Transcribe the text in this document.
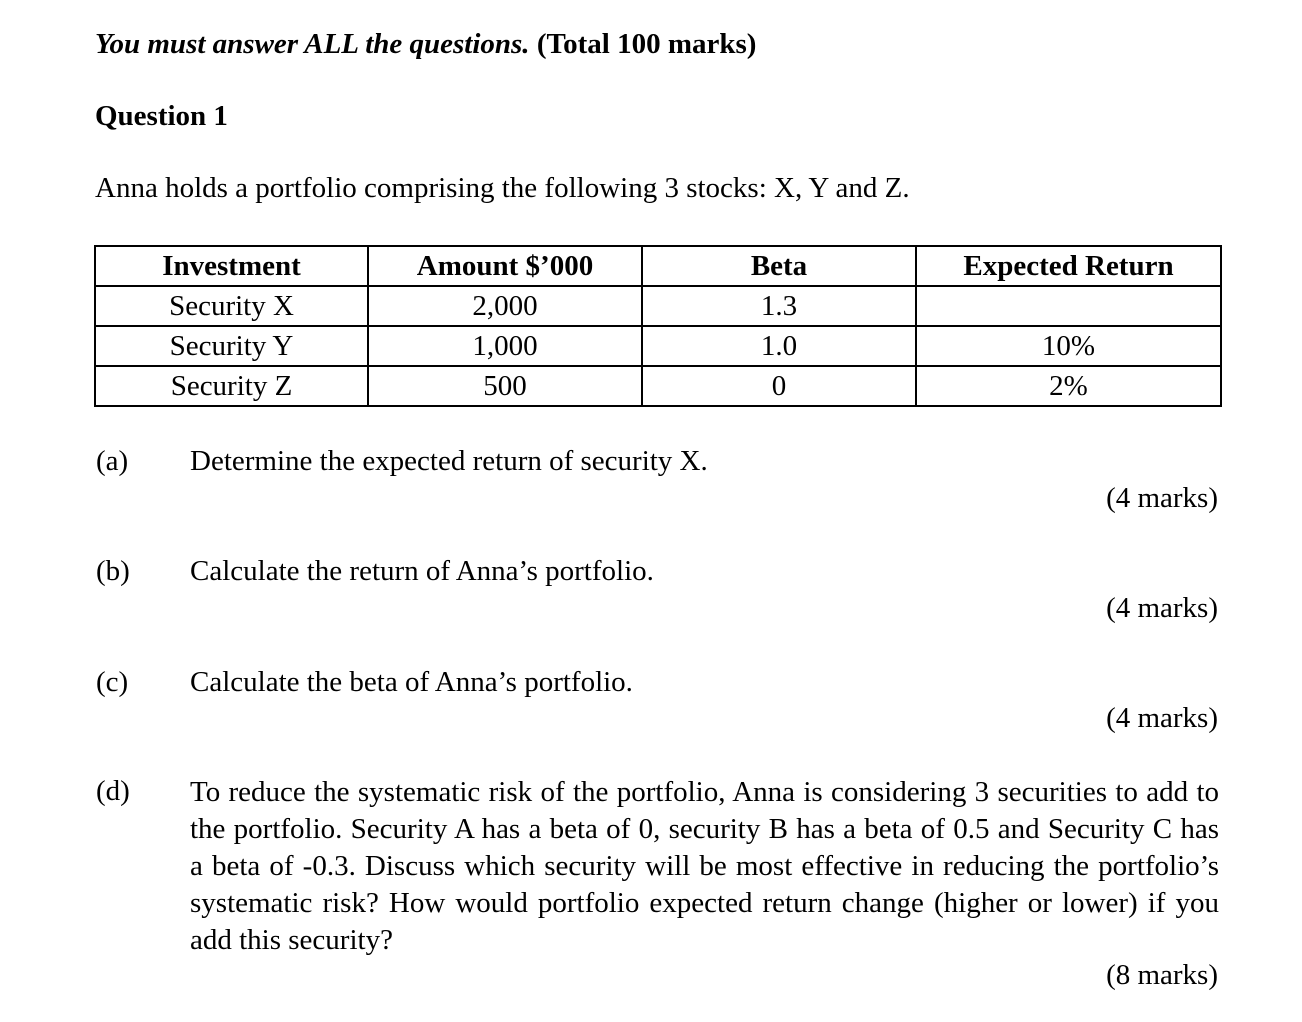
You must answer ALL the questions. (Total 100 marks)
Question 1
Anna holds a portfolio comprising the following 3 stocks: X, Y and Z.
Investment	Amount $’000	Beta	Expected Return
Security X	2,000	1.3	
Security Y	1,000	1.0	10%
Security Z	500	0	2%
(a) Determine the expected return of security X.
(4 marks)
(b) Calculate the return of Anna’s portfolio.
(4 marks)
(c) Calculate the beta of Anna’s portfolio.
(4 marks)
(d) To reduce the systematic risk of the portfolio, Anna is considering 3 securities to add to the portfolio. Security A has a beta of 0, security B has a beta of 0.5 and Security C has a beta of -0.3. Discuss which security will be most effective in reducing the portfolio’s systematic risk? How would portfolio expected return change (higher or lower) if you add this security?
(8 marks)
